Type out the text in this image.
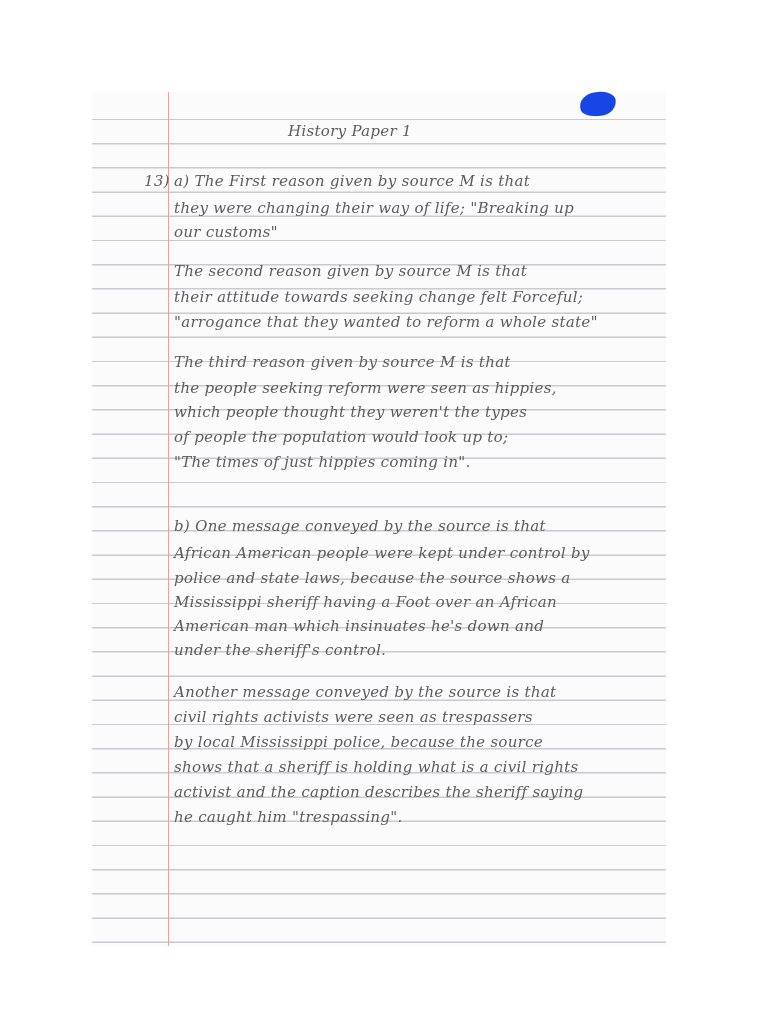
History Paper 1
13) a) The First reason given by source M is that
they were changing their way of life; "Breaking up
our customs"
The second reason given by source M is that
their attitude towards seeking change felt Forceful;
"arrogance that they wanted to reform a whole state"
The third reason given by source M is that
the people seeking reform were seen as hippies,
which people thought they weren't the types
of people the population would look up to;
"The times of just hippies coming in".
b) One message conveyed by the source is that
African American people were kept under control by
police and state laws, because the source shows a
Mississippi sheriff having a Foot over an African
American man which insinuates he's down and
under the sheriff's control.
Another message conveyed by the source is that
civil rights activists were seen as trespassers
by local Mississippi police, because the source
shows that a sheriff is holding what is a civil rights
activist and the caption describes the sheriff saying
he caught him "trespassing".
